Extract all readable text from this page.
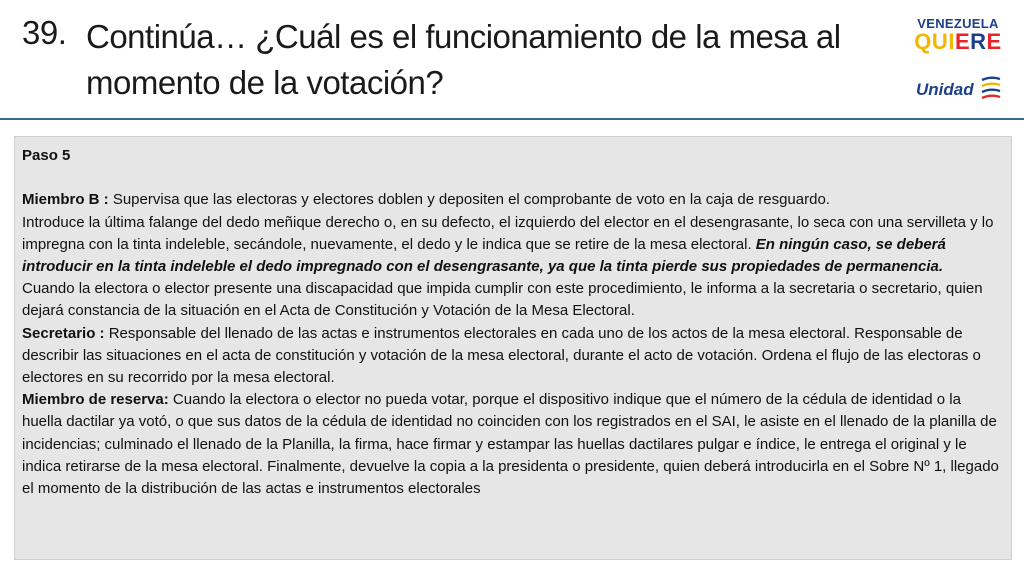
39. Continúa… ¿Cuál es el funcionamiento de la mesa al momento de la votación?
VENEZUELA
QUIERE
Unidad

Paso 5

Miembro B : Supervisa que las electoras y electores doblen y depositen el comprobante de voto en la caja de resguardo.

Introduce la última falange del dedo meñique derecho o, en su defecto, el izquierdo del elector en el desengrasante, lo seca con una servilleta y lo impregna con la tinta indeleble, secándole, nuevamente, el dedo y le indica que se retire de la mesa electoral. En ningún caso, se deberá introducir en la tinta indeleble el dedo impregnado con el desengrasante, ya que la tinta pierde sus propiedades de permanencia.

Cuando la electora o elector presente una discapacidad que impida cumplir con este procedimiento, le informa a la secretaria o secretario, quien dejará constancia de la situación en el Acta de Constitución y Votación de la Mesa Electoral.

Secretario : Responsable del llenado de las actas e instrumentos electorales en cada uno de los actos de la mesa electoral. Responsable de describir las situaciones en el acta de constitución y votación de la mesa electoral, durante el acto de votación. Ordena el flujo de las electoras o electores en su recorrido por la mesa electoral.

Miembro de reserva: Cuando la electora o elector no pueda votar, porque el dispositivo indique que el número de la cédula de identidad o la huella dactilar ya votó, o que sus datos de la cédula de identidad no coinciden con los registrados en el SAI, le asiste en el llenado de la planilla de incidencias; culminado el llenado de la Planilla, la firma, hace firmar y estampar las huellas dactilares pulgar e índice, le entrega el original y le indica retirarse de la mesa electoral. Finalmente, devuelve la copia a la presidenta o presidente, quien deberá introducirla en el Sobre Nº 1, llegado el momento de la distribución de las actas e instrumentos electorales
